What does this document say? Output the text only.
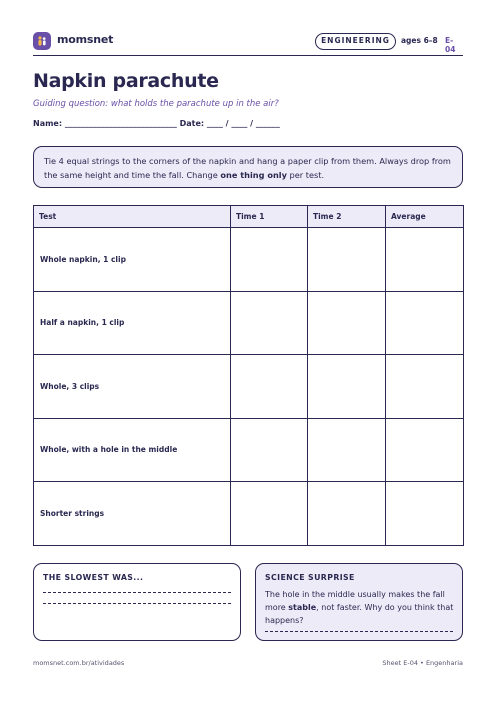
momsnet	ENGINEERING	ages 6–8 E-04
Napkin parachute
Guiding question: what holds the parachute up in the air?
Name: ____________________________ Date: ____ / ____ / ______
Tie 4 equal strings to the corners of the napkin and hang a paper clip from them. Always drop from the same height and time the fall. Change one thing only per test.
Test	Time 1	Time 2	Average
Whole napkin, 1 clip			
Half a napkin, 1 clip			
Whole, 3 clips			
Whole, with a hole in the middle			
Shorter strings			
THE SLOWEST WAS...	SCIENCE SURPRISE
The hole in the middle usually makes the fall more stable, not faster. Why do you think that happens?
momsnet.com.br/atividades	Sheet E-04 • Engenharia
